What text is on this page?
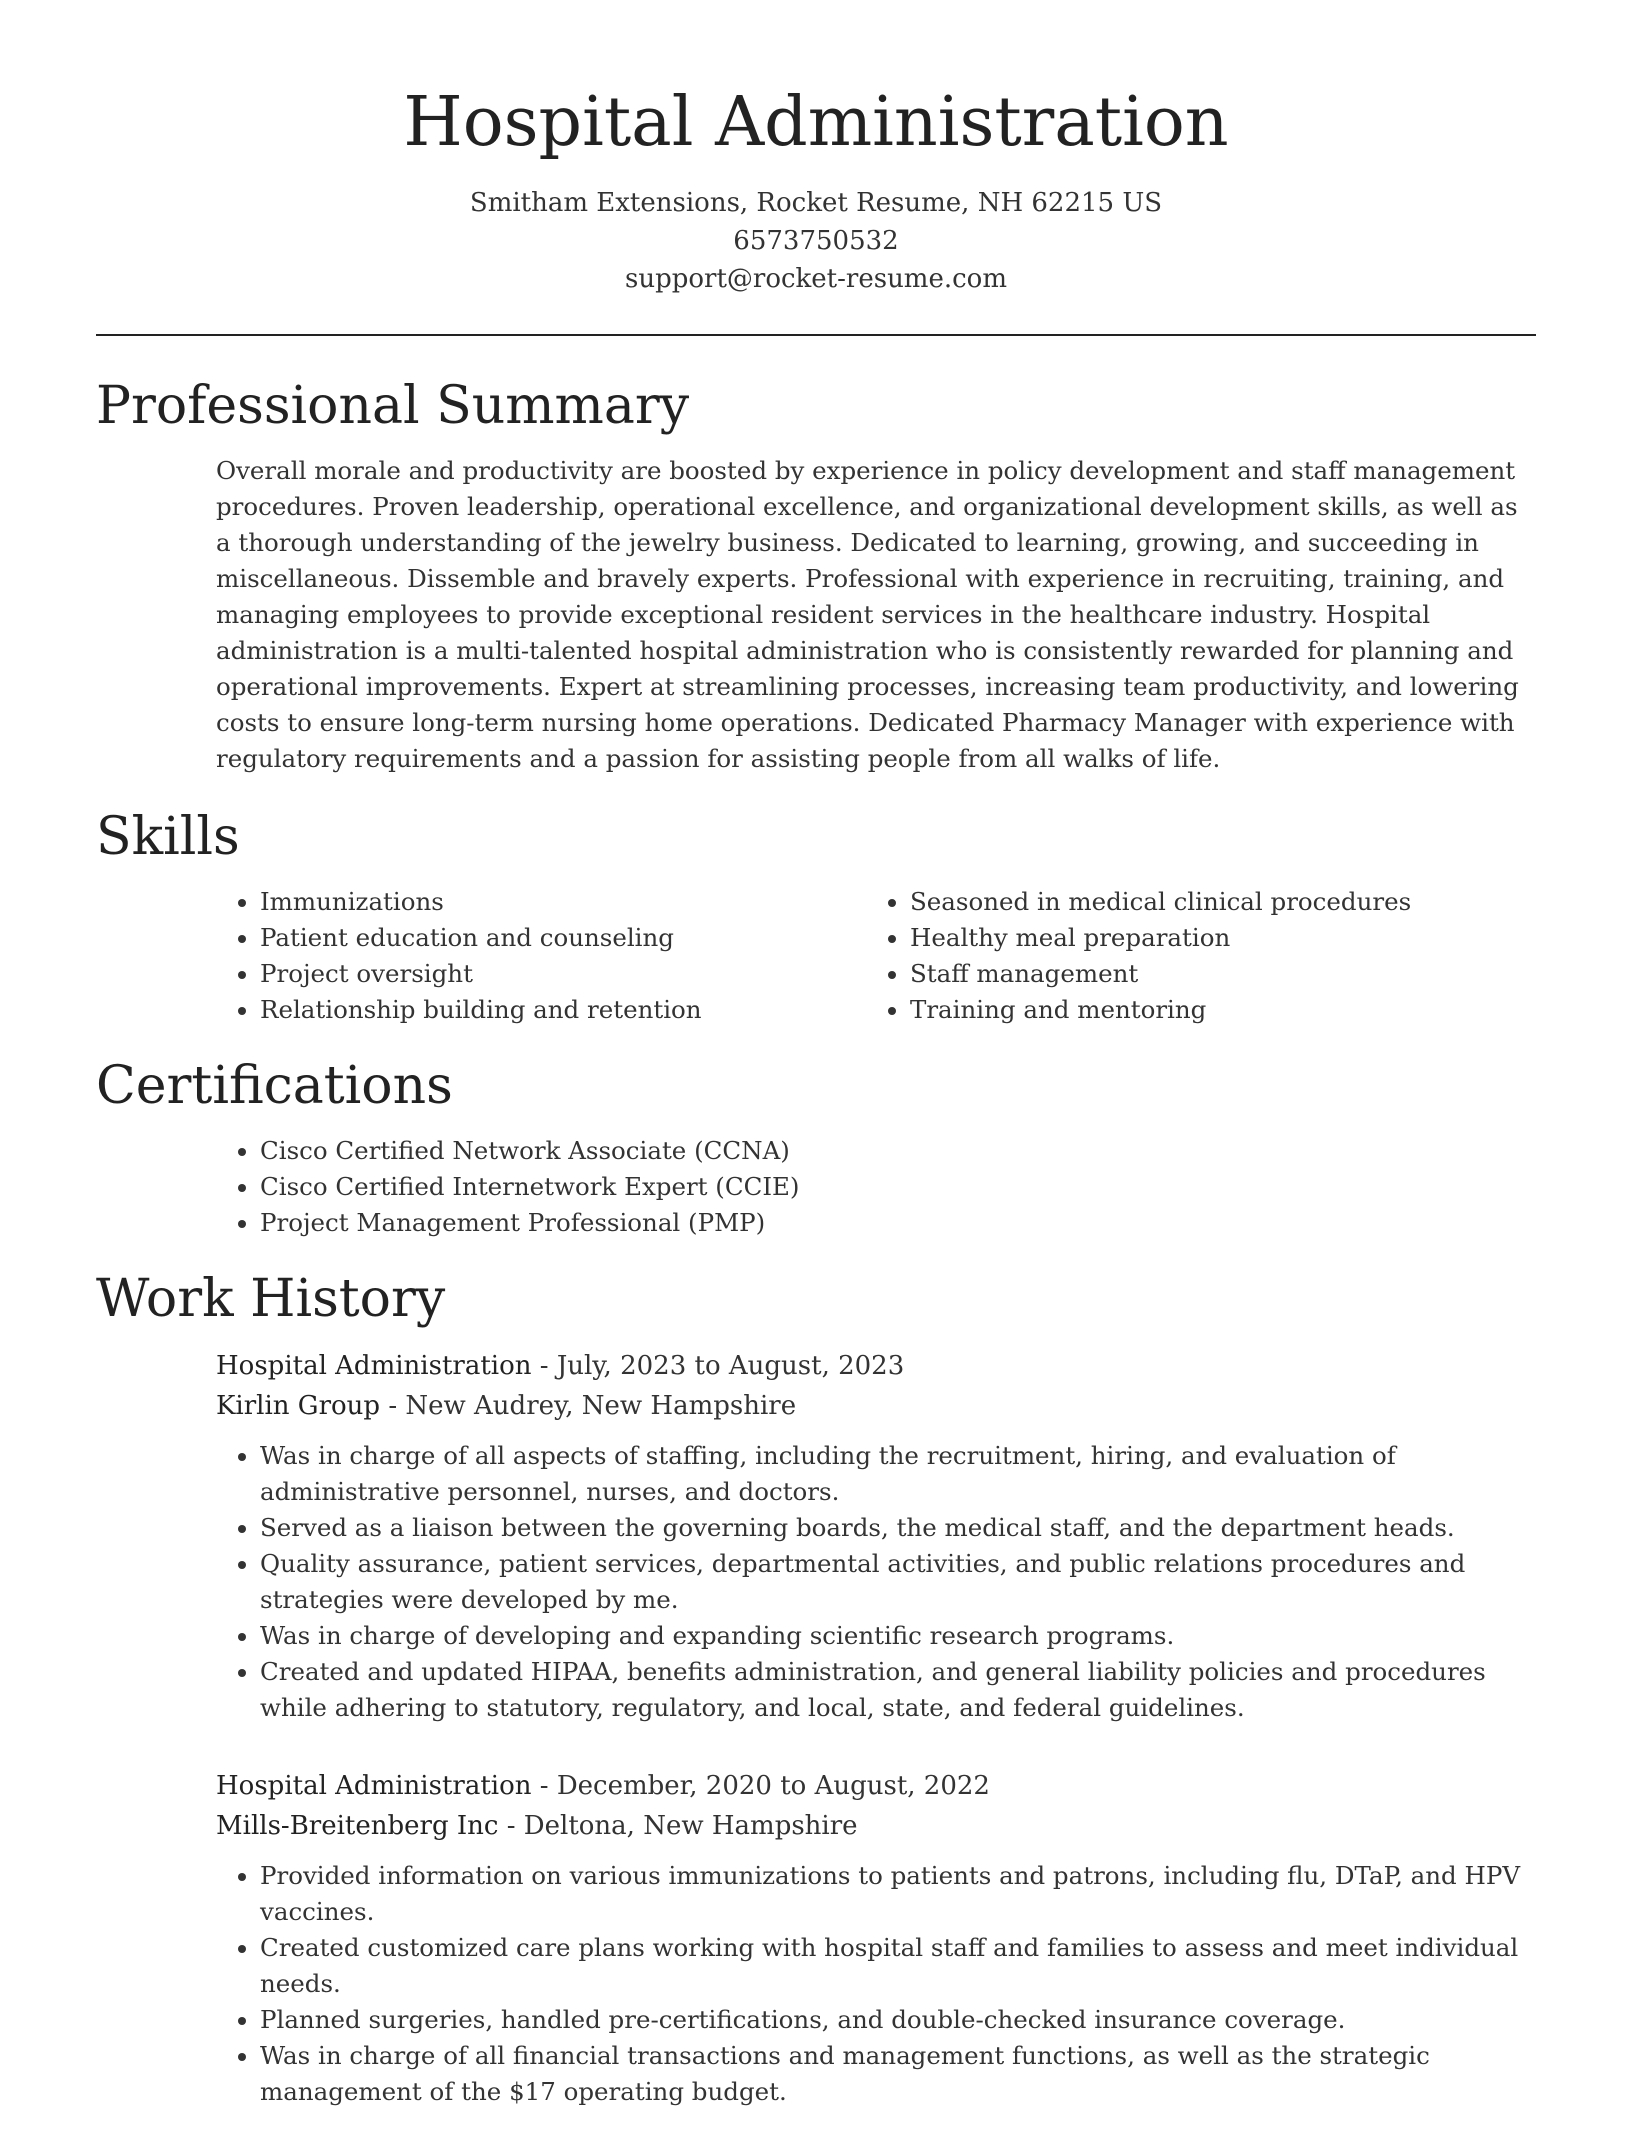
Hospital Administration
Smitham Extensions, Rocket Resume, NH 62215 US
6573750532
support@rocket-resume.com
Professional Summary

Overall morale and productivity are boosted by experience in policy development and staff management procedures. Proven leadership, operational excellence, and organizational development skills, as well as a thorough understanding of the jewelry business. Dedicated to learning, growing, and succeeding in miscellaneous. Dissemble and bravely experts. Professional with experience in recruiting, training, and managing employees to provide exceptional resident services in the healthcare industry. Hospital administration is a multi-talented hospital administration who is consistently rewarded for planning and operational improvements. Expert at streamlining processes, increasing team productivity, and lowering costs to ensure long-term nursing home operations. Dedicated Pharmacy Manager with experience with regulatory requirements and a passion for assisting people from all walks of life.

Skills
• Immunizations
• Patient education and counseling
• Project oversight
• Relationship building and retention
• Seasoned in medical clinical procedures
• Healthy meal preparation
• Staff management
• Training and mentoring
Certifications
• Cisco Certified Network Associate (CCNA)
• Cisco Certified Internetwork Expert (CCIE)
• Project Management Professional (PMP)
Work History
Hospital Administration - July, 2023 to August, 2023
Kirlin Group - New Audrey, New Hampshire
• Was in charge of all aspects of staffing, including the recruitment, hiring, and evaluation of administrative personnel, nurses, and doctors.
• Served as a liaison between the governing boards, the medical staff, and the department heads.
• Quality assurance, patient services, departmental activities, and public relations procedures and strategies were developed by me.
• Was in charge of developing and expanding scientific research programs.
• Created and updated HIPAA, benefits administration, and general liability policies and procedures while adhering to statutory, regulatory, and local, state, and federal guidelines.
Hospital Administration - December, 2020 to August, 2022
Mills-Breitenberg Inc - Deltona, New Hampshire
• Provided information on various immunizations to patients and patrons, including flu, DTaP, and HPV vaccines.
• Created customized care plans working with hospital staff and families to assess and meet individual needs.
• Planned surgeries, handled pre-certifications, and double-checked insurance coverage.
• Was in charge of all financial transactions and management functions, as well as the strategic management of the $17 operating budget.
